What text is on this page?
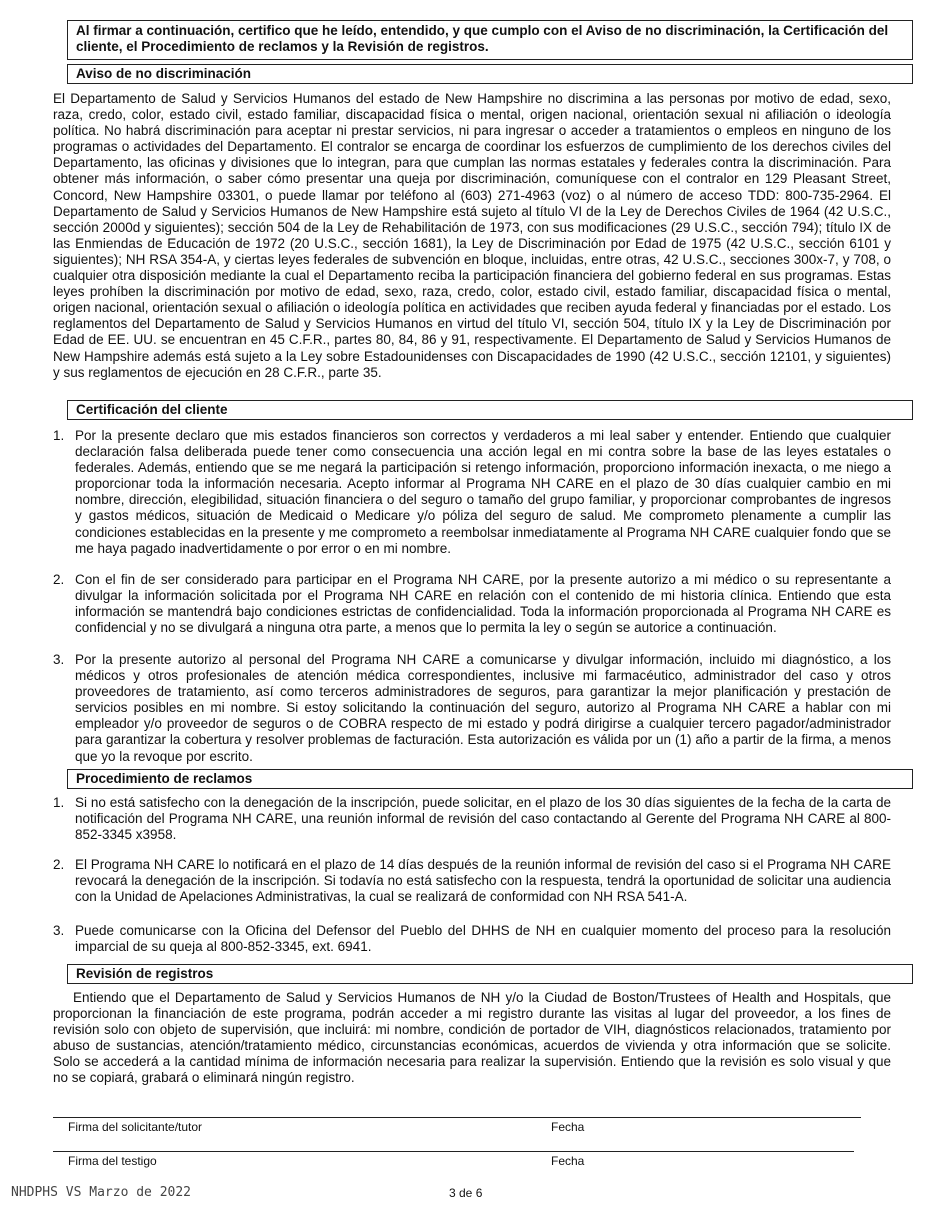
Al firmar a continuación, certifico que he leído, entendido, y que cumplo con el Aviso de no discriminación, la Certificación del cliente, el Procedimiento de reclamos y la Revisión de registros.
Aviso de no discriminación

El Departamento de Salud y Servicios Humanos del estado de New Hampshire no discrimina a las personas por motivo de edad, sexo, raza, credo, color, estado civil, estado familiar, discapacidad física o mental, origen nacional, orientación sexual ni afiliación o ideología política. No habrá discriminación para aceptar ni prestar servicios, ni para ingresar o acceder a tratamientos o empleos en ninguno de los programas o actividades del Departamento. El contralor se encarga de coordinar los esfuerzos de cumplimiento de los derechos civiles del Departamento, las oficinas y divisiones que lo integran, para que cumplan las normas estatales y federales contra la discriminación. Para obtener más información, o saber cómo presentar una queja por discriminación, comuníquese con el contralor en 129 Pleasant Street, Concord, New Hampshire 03301, o puede llamar por teléfono al (603) 271-4963 (voz) o al número de acceso TDD: 800-735-2964. El Departamento de Salud y Servicios Humanos de New Hampshire está sujeto al título VI de la Ley de Derechos Civiles de 1964 (42 U.S.C., sección 2000d y siguientes); sección 504 de la Ley de Rehabilitación de 1973, con sus modificaciones (29 U.S.C., sección 794); título IX de las Enmiendas de Educación de 1972 (20 U.S.C., sección 1681), la Ley de Discriminación por Edad de 1975 (42 U.S.C., sección 6101 y siguientes); NH RSA 354-A, y ciertas leyes federales de subvención en bloque, incluidas, entre otras, 42 U.S.C., secciones 300x-7, y 708, o cualquier otra disposición mediante la cual el Departamento reciba la participación financiera del gobierno federal en sus programas. Estas leyes prohíben la discriminación por motivo de edad, sexo, raza, credo, color, estado civil, estado familiar, discapacidad física o mental, origen nacional, orientación sexual o afiliación o ideología política en actividades que reciben ayuda federal y financiadas por el estado. Los reglamentos del Departamento de Salud y Servicios Humanos en virtud del título VI, sección 504, título IX y la Ley de Discriminación por Edad de EE. UU. se encuentran en 45 C.F.R., partes 80, 84, 86 y 91, respectivamente. El Departamento de Salud y Servicios Humanos de New Hampshire además está sujeto a la Ley sobre Estadounidenses con Discapacidades de 1990 (42 U.S.C., sección 12101, y siguientes) y sus reglamentos de ejecución en 28 C.F.R., parte 35.

Certificación del cliente
1. Por la presente declaro que mis estados financieros son correctos y verdaderos a mi leal saber y entender. Entiendo que cualquier declaración falsa deliberada puede tener como consecuencia una acción legal en mi contra sobre la base de las leyes estatales o federales. Además, entiendo que se me negará la participación si retengo información, proporciono información inexacta, o me niego a proporcionar toda la información necesaria. Acepto informar al Programa NH CARE en el plazo de 30 días cualquier cambio en mi nombre, dirección, elegibilidad, situación financiera o del seguro o tamaño del grupo familiar, y proporcionar comprobantes de ingresos y gastos médicos, situación de Medicaid o Medicare y/o póliza del seguro de salud. Me comprometo plenamente a cumplir las condiciones establecidas en la presente y me comprometo a reembolsar inmediatamente al Programa NH CARE cualquier fondo que se me haya pagado inadvertidamente o por error o en mi nombre.
2. Con el fin de ser considerado para participar en el Programa NH CARE, por la presente autorizo a mi médico o su representante a divulgar la información solicitada por el Programa NH CARE en relación con el contenido de mi historia clínica. Entiendo que esta información se mantendrá bajo condiciones estrictas de confidencialidad. Toda la información proporcionada al Programa NH CARE es confidencial y no se divulgará a ninguna otra parte, a menos que lo permita la ley o según se autorice a continuación.
3. Por la presente autorizo al personal del Programa NH CARE a comunicarse y divulgar información, incluido mi diagnóstico, a los médicos y otros profesionales de atención médica correspondientes, inclusive mi farmacéutico, administrador del caso y otros proveedores de tratamiento, así como terceros administradores de seguros, para garantizar la mejor planificación y prestación de servicios posibles en mi nombre. Si estoy solicitando la continuación del seguro, autorizo al Programa NH CARE a hablar con mi empleador y/o proveedor de seguros o de COBRA respecto de mi estado y podrá dirigirse a cualquier tercero pagador/administrador para garantizar la cobertura y resolver problemas de facturación. Esta autorización es válida por un (1) año a partir de la firma, a menos que yo la revoque por escrito.
Procedimiento de reclamos
1. Si no está satisfecho con la denegación de la inscripción, puede solicitar, en el plazo de los 30 días siguientes de la fecha de la carta de notificación del Programa NH CARE, una reunión informal de revisión del caso contactando al Gerente del Programa NH CARE al 800-852-3345 x3958.
2. El Programa NH CARE lo notificará en el plazo de 14 días después de la reunión informal de revisión del caso si el Programa NH CARE revocará la denegación de la inscripción. Si todavía no está satisfecho con la respuesta, tendrá la oportunidad de solicitar una audiencia con la Unidad de Apelaciones Administrativas, la cual se realizará de conformidad con NH RSA 541-A.
3. Puede comunicarse con la Oficina del Defensor del Pueblo del DHHS de NH en cualquier momento del proceso para la resolución imparcial de su queja al 800-852-3345, ext. 6941.
Revisión de registros

Entiendo que el Departamento de Salud y Servicios Humanos de NH y/o la Ciudad de Boston/Trustees of Health and Hospitals, que proporcionan la financiación de este programa, podrán acceder a mi registro durante las visitas al lugar del proveedor, a los fines de revisión solo con objeto de supervisión, que incluirá: mi nombre, condición de portador de VIH, diagnósticos relacionados, tratamiento por abuso de sustancias, atención/tratamiento médico, circunstancias económicas, acuerdos de vivienda y otra información que se solicite. Solo se accederá a la cantidad mínima de información necesaria para realizar la supervisión. Entiendo que la revisión es solo visual y que no se copiará, grabará o eliminará ningún registro.

Firma del solicitante/tutor	Fecha
Firma del testigo	Fecha
NHDPHS VS Marzo de 2022	3 de 6
